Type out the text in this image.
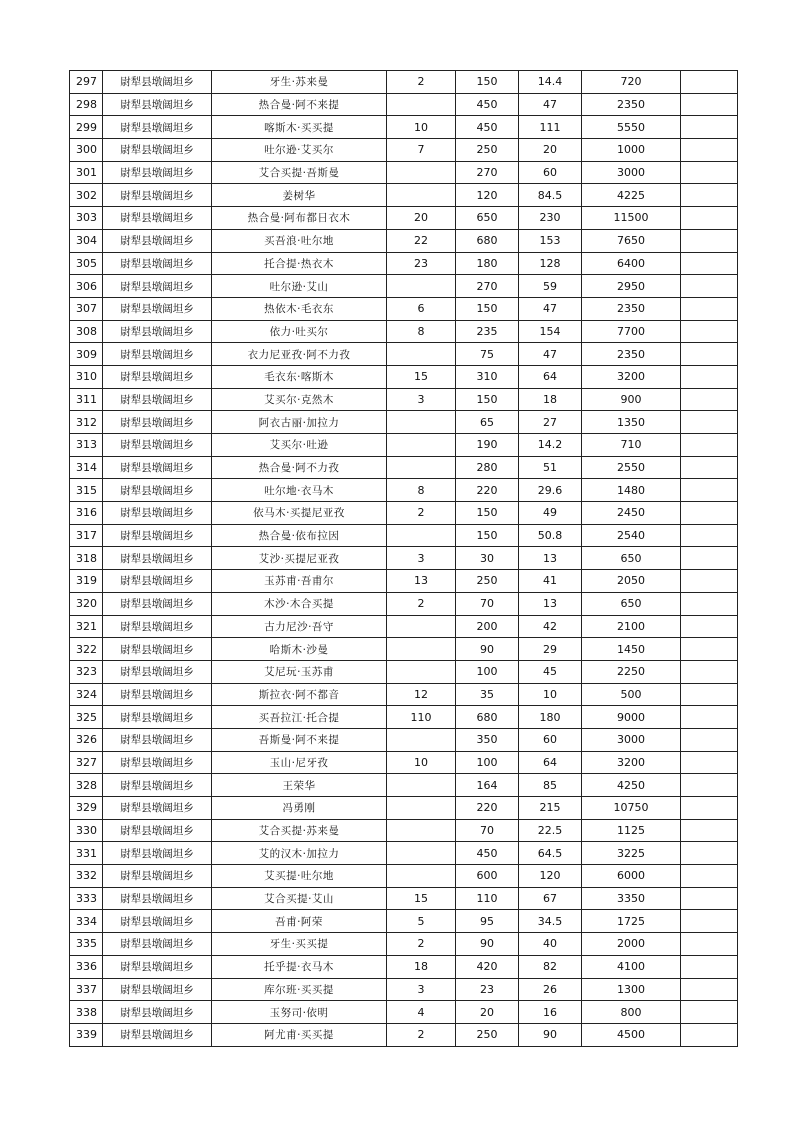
297	尉犁县墩阔坦乡	牙生·苏来曼	2	150	14.4	720	
298	尉犁县墩阔坦乡	热合曼·阿不来提		450	47	2350	
299	尉犁县墩阔坦乡	喀斯木·买买提	10	450	111	5550	
300	尉犁县墩阔坦乡	吐尔逊·艾买尔	7	250	20	1000	
301	尉犁县墩阔坦乡	艾合买提·吾斯曼		270	60	3000	
302	尉犁县墩阔坦乡	姜树华		120	84.5	4225	
303	尉犁县墩阔坦乡	热合曼·阿布都日衣木	20	650	230	11500	
304	尉犁县墩阔坦乡	买吾浪·吐尔地	22	680	153	7650	
305	尉犁县墩阔坦乡	托合提·热衣木	23	180	128	6400	
306	尉犁县墩阔坦乡	吐尔逊·艾山		270	59	2950	
307	尉犁县墩阔坦乡	热依木·毛衣东	6	150	47	2350	
308	尉犁县墩阔坦乡	依力·吐买尔	8	235	154	7700	
309	尉犁县墩阔坦乡	衣力尼亚孜·阿不力孜		75	47	2350	
310	尉犁县墩阔坦乡	毛衣东·喀斯木	15	310	64	3200	
311	尉犁县墩阔坦乡	艾买尔·克然木	3	150	18	900	
312	尉犁县墩阔坦乡	阿衣古丽·加拉力		65	27	1350	
313	尉犁县墩阔坦乡	艾买尔·吐逊		190	14.2	710	
314	尉犁县墩阔坦乡	热合曼·阿不力孜		280	51	2550	
315	尉犁县墩阔坦乡	吐尔地·衣马木	8	220	29.6	1480	
316	尉犁县墩阔坦乡	依马木·买提尼亚孜	2	150	49	2450	
317	尉犁县墩阔坦乡	热合曼·依布拉因		150	50.8	2540	
318	尉犁县墩阔坦乡	艾沙·买提尼亚孜	3	30	13	650	
319	尉犁县墩阔坦乡	玉苏甫·吾甫尔	13	250	41	2050	
320	尉犁县墩阔坦乡	木沙·木合买提	2	70	13	650	
321	尉犁县墩阔坦乡	古力尼沙·吾守		200	42	2100	
322	尉犁县墩阔坦乡	哈斯木·沙曼		90	29	1450	
323	尉犁县墩阔坦乡	艾尼玩·玉苏甫		100	45	2250	
324	尉犁县墩阔坦乡	斯拉衣·阿不都音	12	35	10	500	
325	尉犁县墩阔坦乡	买吾拉江·托合提	110	680	180	9000	
326	尉犁县墩阔坦乡	吾斯曼·阿不来提		350	60	3000	
327	尉犁县墩阔坦乡	玉山·尼牙孜	10	100	64	3200	
328	尉犁县墩阔坦乡	王荣华		164	85	4250	
329	尉犁县墩阔坦乡	冯勇刚		220	215	10750	
330	尉犁县墩阔坦乡	艾合买提·苏来曼		70	22.5	1125	
331	尉犁县墩阔坦乡	艾的汉木·加拉力		450	64.5	3225	
332	尉犁县墩阔坦乡	艾买提·吐尔地		600	120	6000	
333	尉犁县墩阔坦乡	艾合买提·艾山	15	110	67	3350	
334	尉犁县墩阔坦乡	吾甫·阿荣	5	95	34.5	1725	
335	尉犁县墩阔坦乡	牙生·买买提	2	90	40	2000	
336	尉犁县墩阔坦乡	托乎提·衣马木	18	420	82	4100	
337	尉犁县墩阔坦乡	库尔班·买买提	3	23	26	1300	
338	尉犁县墩阔坦乡	玉努司·依明	4	20	16	800	
339	尉犁县墩阔坦乡	阿尤甫·买买提	2	250	90	4500	
